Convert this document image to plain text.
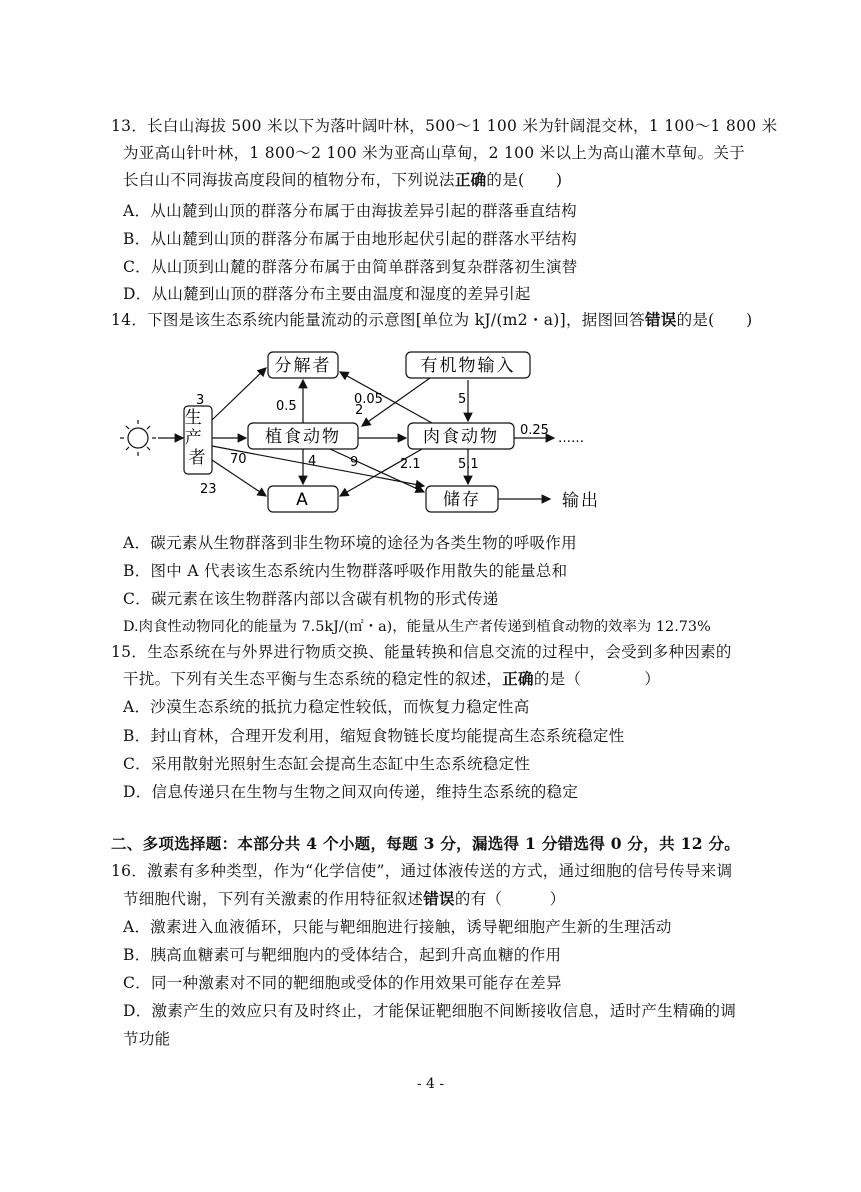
13．长白山海拔 500 米以下为落叶阔叶林，500～1 100 米为针阔混交林，1 100～1 800 米
为亚高山针叶林，1 800～2 100 米为亚高山草甸，2 100 米以上为高山灌木草甸。关于
长白山不同海拔高度段间的植物分布，下列说法正确的是(　　)
A．从山麓到山顶的群落分布属于由海拔差异引起的群落垂直结构
B．从山麓到山顶的群落分布属于由地形起伏引起的群落水平结构
C．从山顶到山麓的群落分布属于由简单群落到复杂群落初生演替
D．从山麓到山顶的群落分布主要由温度和湿度的差异引起
14．下图是该生态系统内能量流动的示意图[单位为 kJ/(m2・a)]，据图回答错误的是(　　)
生 产 者
分解者	有机物输入
植食动物	肉食动物
A	储存	输出
……
3	0.5	0.05
2
5
0.25
70	4	9	2.1	5.1
23
A．碳元素从生物群落到非生物环境的途径为各类生物的呼吸作用
B．图中 A 代表该生态系统内生物群落呼吸作用散失的能量总和
C．碳元素在该生物群落内部以含碳有机物的形式传递
D.肉食性动物同化的能量为 7.5kJ/(㎡・a)，能量从生产者传递到植食动物的效率为 12.73%
15．生态系统在与外界进行物质交换、能量转换和信息交流的过程中，会受到多种因素的
干扰。下列有关生态平衡与生态系统的稳定性的叙述，正确的是（　　　　）
A．沙漠生态系统的抵抗力稳定性较低，而恢复力稳定性高
B．封山育林，合理开发利用，缩短食物链长度均能提高生态系统稳定性
C．采用散射光照射生态缸会提高生态缸中生态系统稳定性
D．信息传递只在生物与生物之间双向传递，维持生态系统的稳定
二、多项选择题：本部分共 4 个小题，每题 3 分，漏选得 1 分错选得 0 分，共 12 分。
16．激素有多种类型，作为“化学信使”，通过体液传送的方式，通过细胞的信号传导来调
节细胞代谢，下列有关激素的作用特征叙述错误的有（　　　）
A．激素进入血液循环，只能与靶细胞进行接触，诱导靶细胞产生新的生理活动
B．胰高血糖素可与靶细胞内的受体结合，起到升高血糖的作用
C．同一种激素对不同的靶细胞或受体的作用效果可能存在差异
D．激素产生的效应只有及时终止，才能保证靶细胞不间断接收信息，适时产生精确的调
节功能
- 4 -
